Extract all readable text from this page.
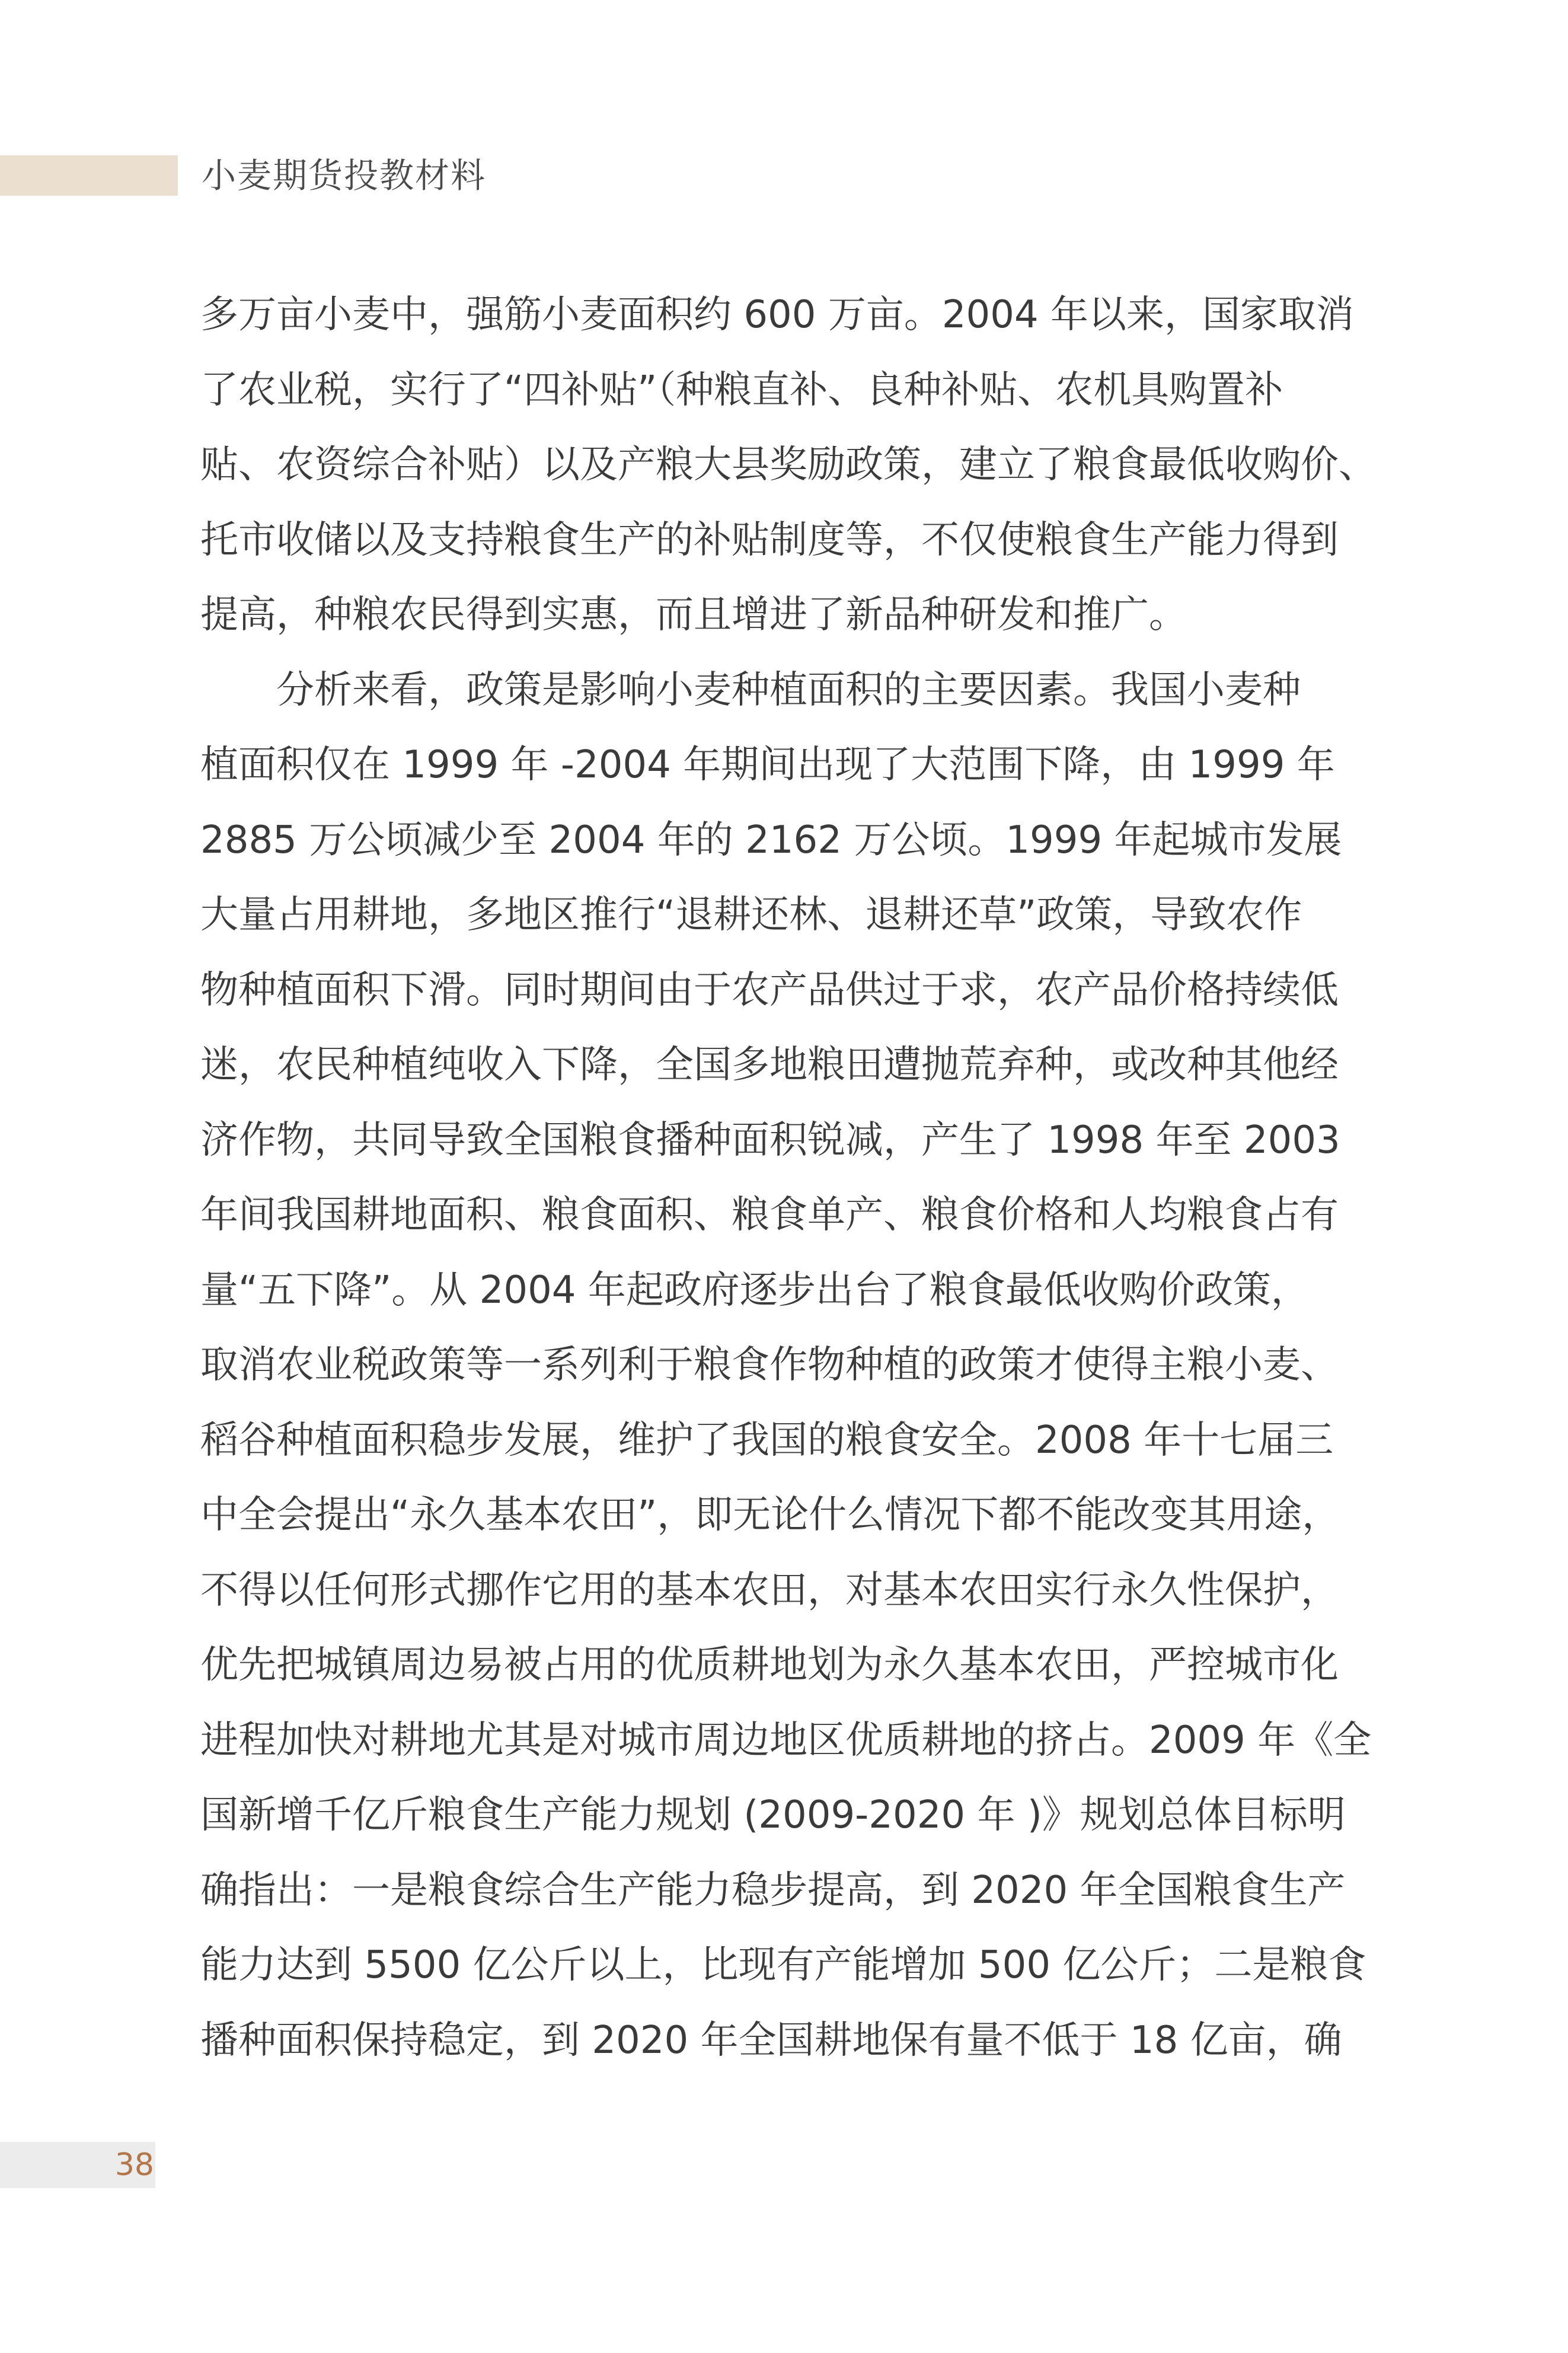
小麦期货投教材料
多万亩小麦中，强筋小麦面积约 600 万亩。2004 年以来，国家取消
了农业税，实行了“四补贴”（种粮直补、良种补贴、农机具购置补
贴、农资综合补贴）以及产粮大县奖励政策，建立了粮食最低收购价、
托市收储以及支持粮食生产的补贴制度等，不仅使粮食生产能力得到
提高，种粮农民得到实惠，而且增进了新品种研发和推广。
　　分析来看，政策是影响小麦种植面积的主要因素。我国小麦种
植面积仅在 1999 年 -2004 年期间出现了大范围下降，由 1999 年
2885 万公顷减少至 2004 年的 2162 万公顷。1999 年起城市发展
大量占用耕地，多地区推行“退耕还林、退耕还草”政策，导致农作
物种植面积下滑。同时期间由于农产品供过于求，农产品价格持续低
迷，农民种植纯收入下降，全国多地粮田遭抛荒弃种，或改种其他经
济作物，共同导致全国粮食播种面积锐减，产生了 1998 年至 2003
年间我国耕地面积、粮食面积、粮食单产、粮食价格和人均粮食占有
量“五下降”。从 2004 年起政府逐步出台了粮食最低收购价政策，
取消农业税政策等一系列利于粮食作物种植的政策才使得主粮小麦、
稻谷种植面积稳步发展，维护了我国的粮食安全。2008 年十七届三
中全会提出“永久基本农田”，即无论什么情况下都不能改变其用途，
不得以任何形式挪作它用的基本农田，对基本农田实行永久性保护，
优先把城镇周边易被占用的优质耕地划为永久基本农田，严控城市化
进程加快对耕地尤其是对城市周边地区优质耕地的挤占。2009 年《全
国新增千亿斤粮食生产能力规划 (2009-2020 年 )》规划总体目标明
确指出：一是粮食综合生产能力稳步提高，到 2020 年全国粮食生产
能力达到 5500 亿公斤以上，比现有产能增加 500 亿公斤；二是粮食
播种面积保持稳定，到 2020 年全国耕地保有量不低于 18 亿亩，确
38
